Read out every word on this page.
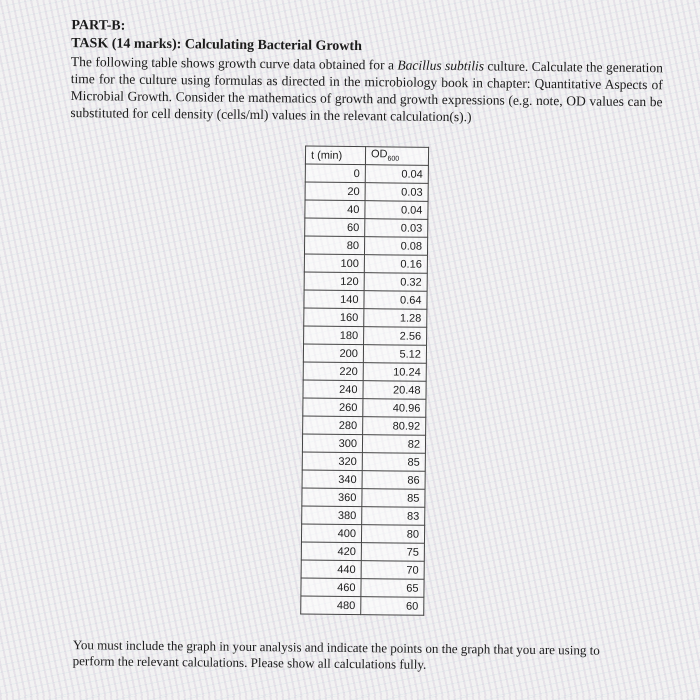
PART-B:
TASK (14 marks): Calculating Bacterial Growth
The following table shows growth curve data obtained for a Bacillus subtilis culture. Calculate the generation time for the culture using formulas as directed in the microbiology book in chapter: Quantitative Aspects of Microbial Growth. Consider the mathematics of growth and growth expressions (e.g. note, OD values can be substituted for cell density (cells/ml) values in the relevant calculation(s).)
t (min)	$OD_{600}$
0	0.04
20	0.03
40	0.04
60	0.03
80	0.08
100	0.16
120	0.32
140	0.64
160	1.28
180	2.56
200	5.12
220	10.24
240	20.48
260	40.96
280	80.92
300	82
320	85
340	86
360	85
380	83
400	80
420	75
440	70
460	65
480	60
You must include the graph in your analysis and indicate the points on the graph that you are using to perform the relevant calculations. Please show all calculations fully.
